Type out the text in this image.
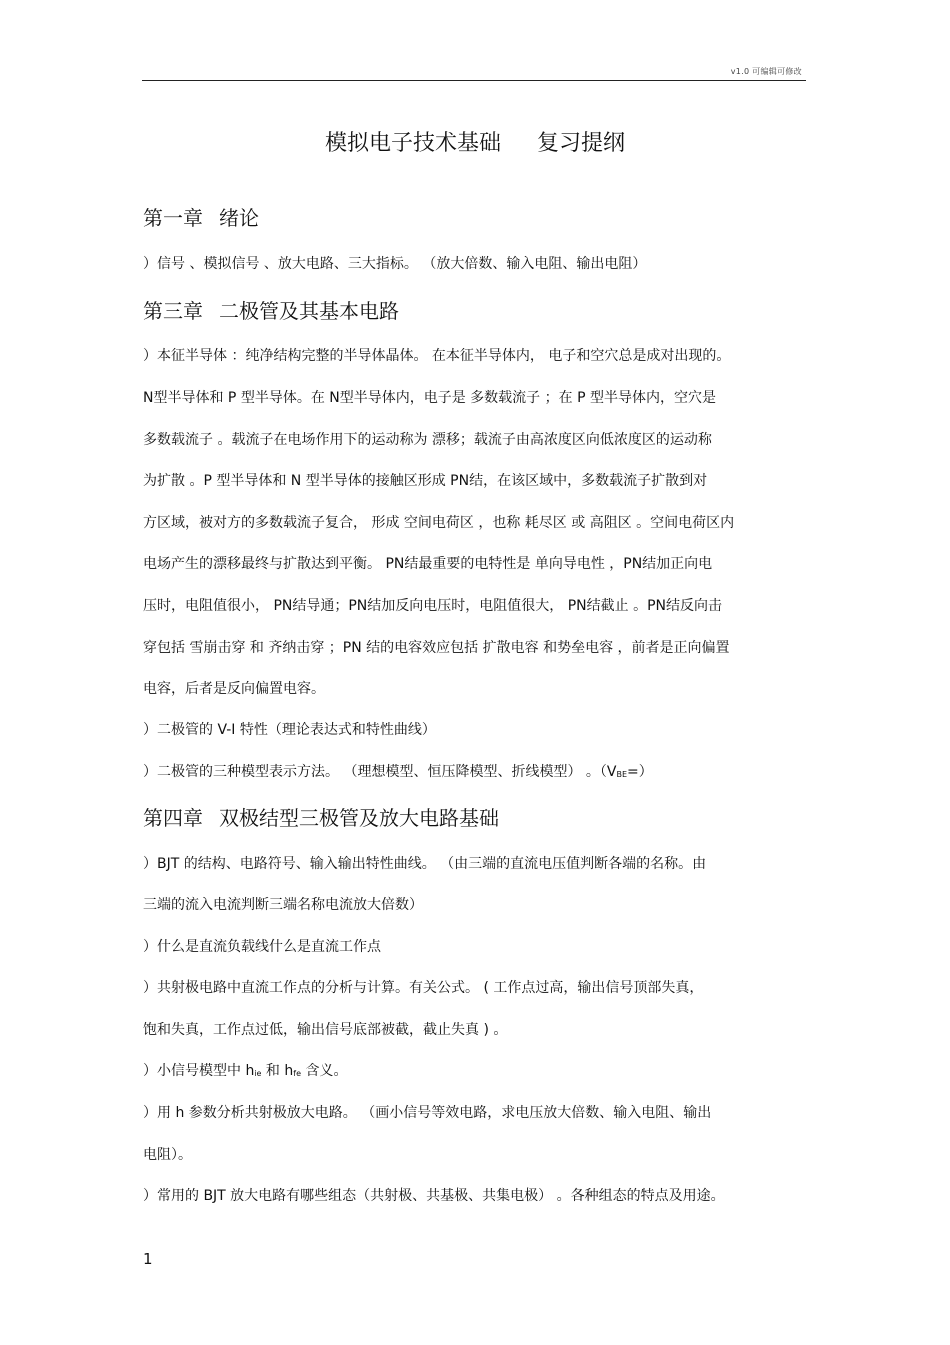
v1.0 可编辑可修改
模拟电子技术基础 复习提纲
第一章 绪论
）信号 、模拟信号 、放大电路、三大指标。 （放大倍数、输入电阻、输出电阻）
第三章 二极管及其基本电路
）本征半导体 ：纯净结构完整的半导体晶体。 在本征半导体内， 电子和空穴总是成对出现的。
N型半导体和 P 型半导体。在 N型半导体内，电子是 多数载流子 ；在 P 型半导体内，空穴是
多数载流子 。载流子在电场作用下的运动称为 漂移；载流子由高浓度区向低浓度区的运动称
为扩散 。P 型半导体和 N 型半导体的接触区形成 PN结，在该区域中，多数载流子扩散到对
方区域，被对方的多数载流子复合， 形成 空间电荷区 ，也称 耗尽区 或 高阻区 。空间电荷区内
电场产生的漂移最终与扩散达到平衡。 PN结最重要的电特性是 单向导电性 ，PN结加正向电
压时，电阻值很小， PN结导通；PN结加反向电压时，电阻值很大， PN结截止 。PN结反向击
穿包括 雪崩击穿 和 齐纳击穿 ；PN 结的电容效应包括 扩散电容 和势垒电容 ，前者是正向偏置
电容，后者是反向偏置电容。
）二极管的 V-I 特性（理论表达式和特性曲线）
）二极管的三种模型表示方法。 （理想模型、恒压降模型、折线模型） 。$(V_{BE}=)$
第四章 双极结型三极管及放大电路基础
）BJT 的结构、电路符号、输入输出特性曲线。 （由三端的直流电压值判断各端的名称。由
三端的流入电流判断三端名称电流放大倍数）
）什么是直流负载线什么是直流工作点
）共射极电路中直流工作点的分析与计算。有关公式。 ( 工作点过高，输出信号顶部失真，
饱和失真，工作点过低，输出信号底部被截，截止失真 ) 。
）小信号模型中 $h_{ie}$ 和 $h_{fe}$ 含义。
）用 h 参数分析共射极放大电路。 （画小信号等效电路，求电压放大倍数、输入电阻、输出
电阻）。
）常用的 BJT 放大电路有哪些组态（共射极、共基极、共集电极） 。各种组态的特点及用途。
1
